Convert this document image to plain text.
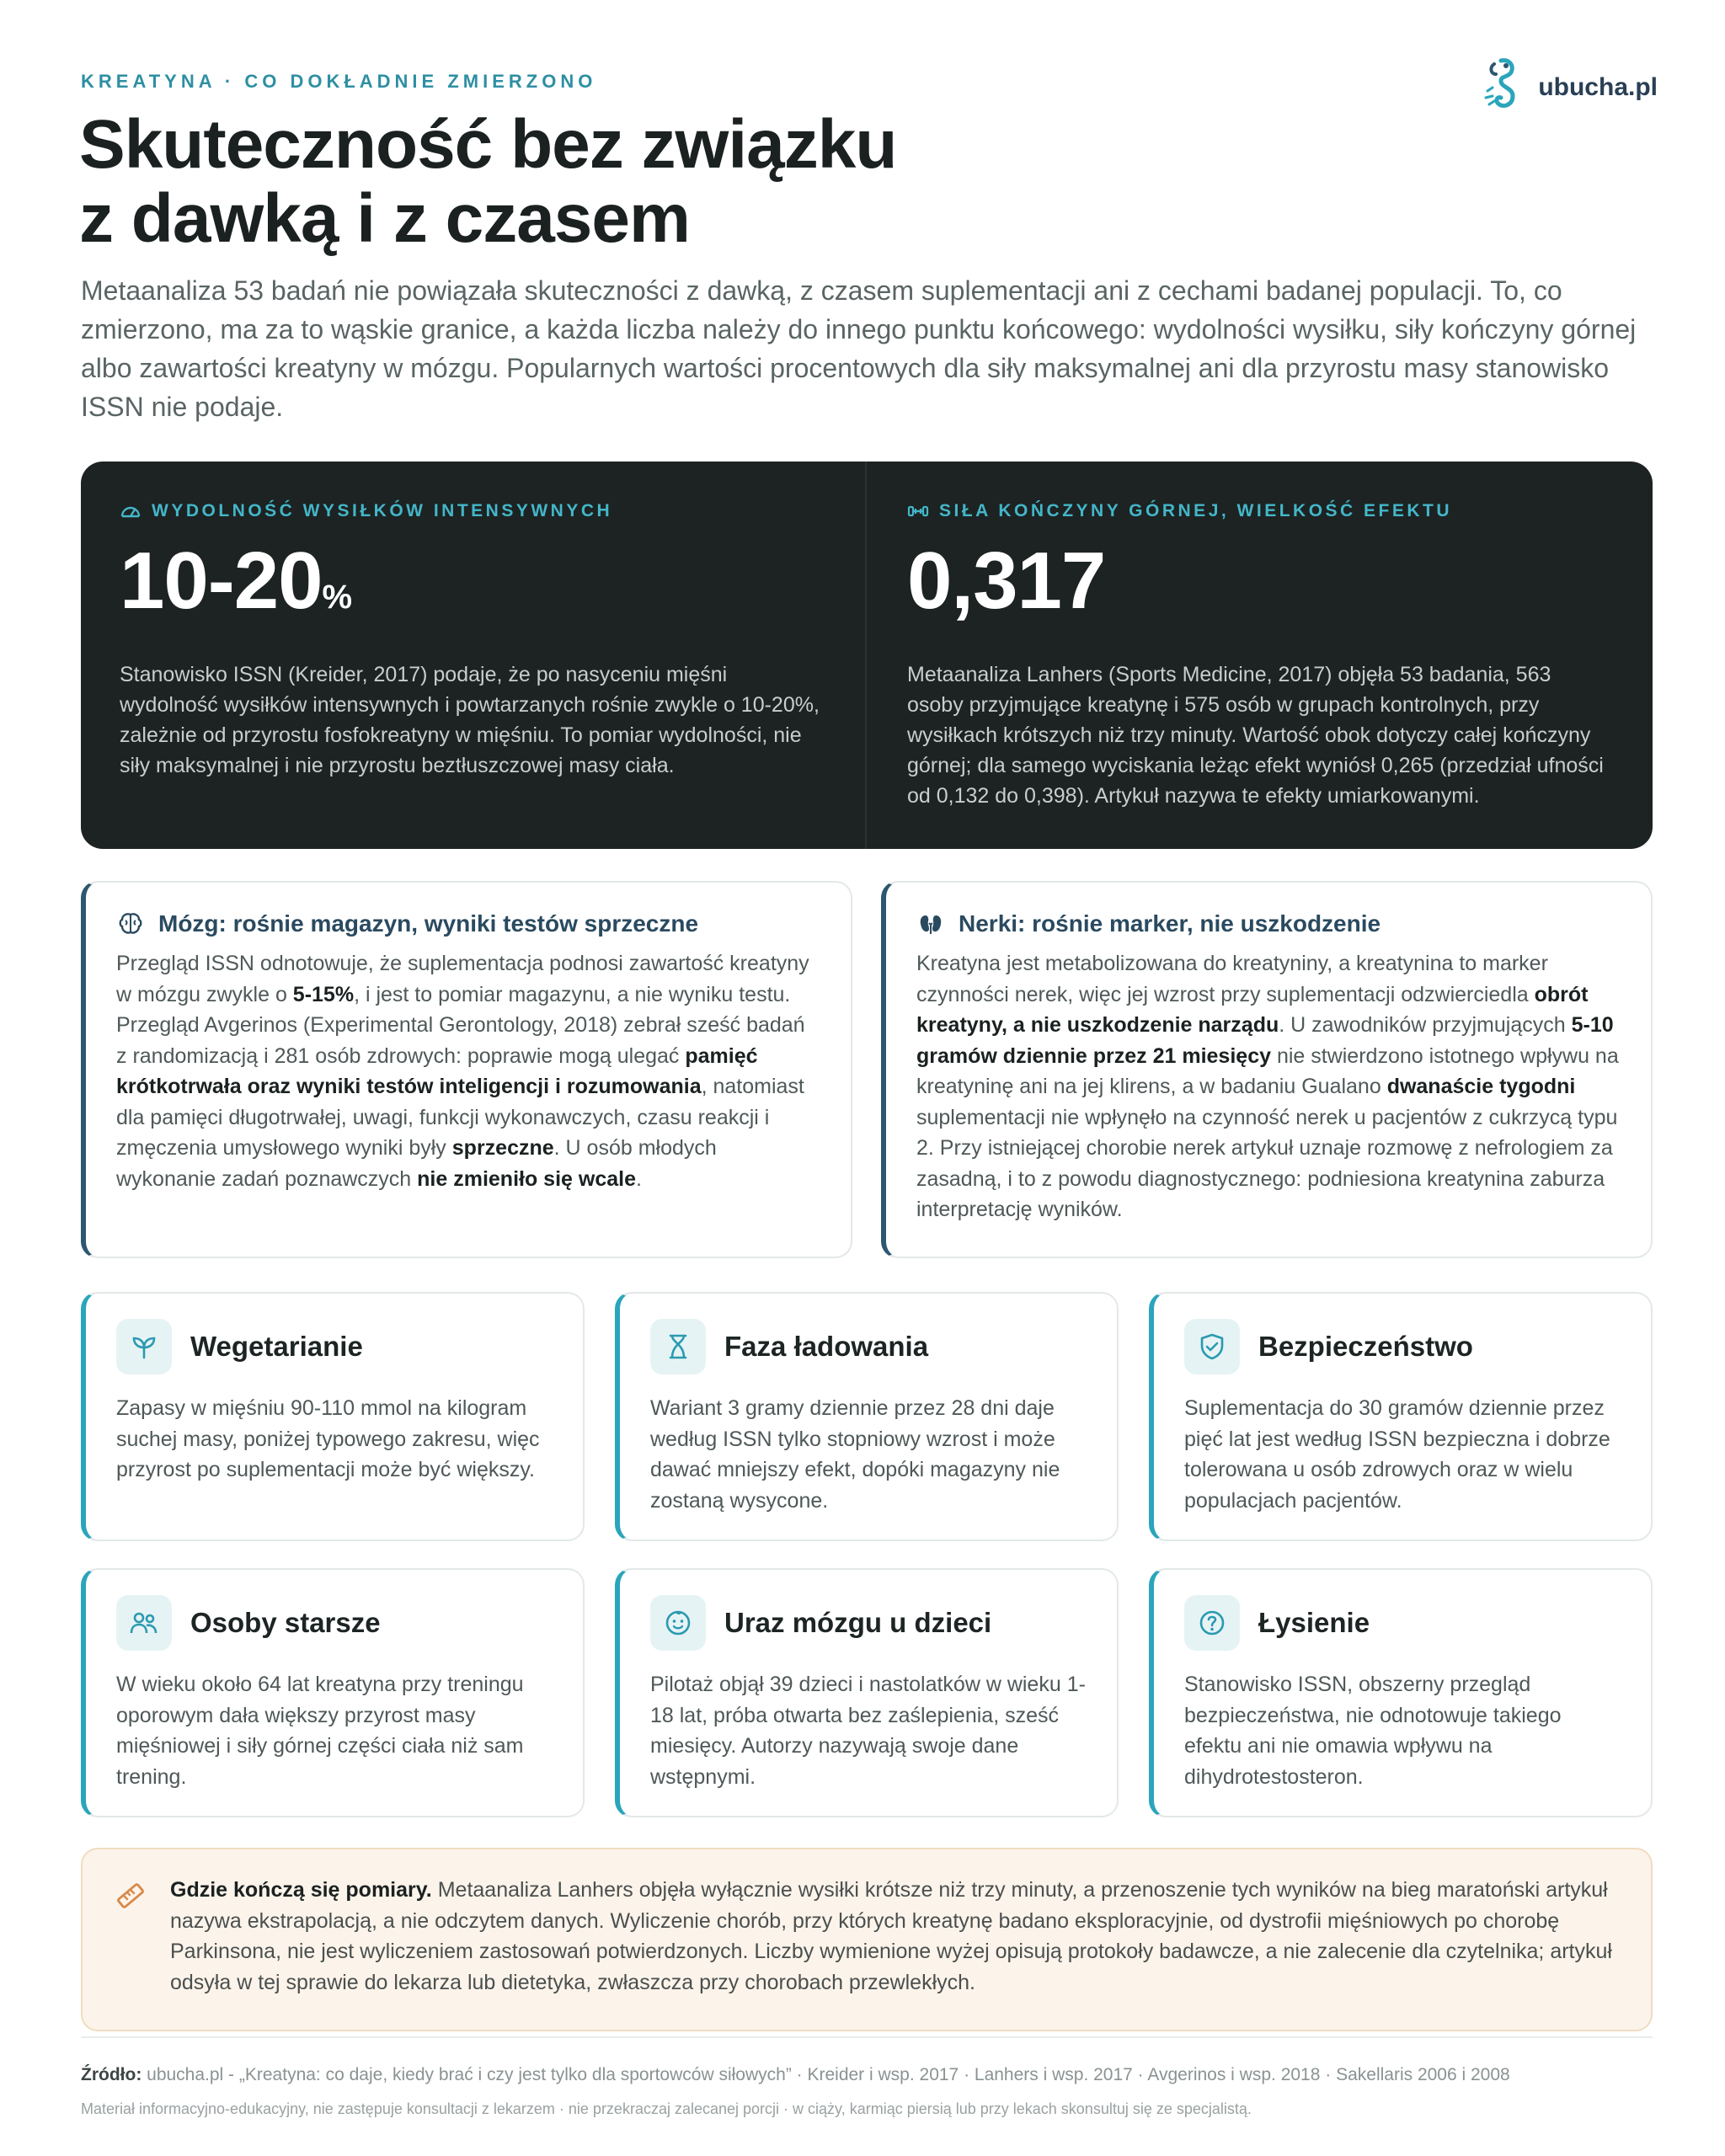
KREATYNA · CO DOKŁADNIE ZMIERZONO	ubucha.pl
Skuteczność bez związku
z dawką i z czasem

Metaanaliza 53 badań nie powiązała skuteczności z dawką, z czasem suplementacji ani z cechami badanej populacji. To, co zmierzono, ma za to wąskie granice, a każda liczba należy do innego punktu końcowego: wydolności wysiłku, siły kończyny górnej albo zawartości kreatyny w mózgu. Popularnych wartości procentowych dla siły maksymalnej ani dla przyrostu masy stanowisko ISSN nie podaje.

WYDOLNOŚĆ WYSIŁKÓW INTENSYWNYCH
10-20%

Stanowisko ISSN (Kreider, 2017) podaje, że po nasyceniu mięśni wydolność wysiłków intensywnych i powtarzanych rośnie zwykle o 10-20%, zależnie od przyrostu fosfokreatyny w mięśniu. To pomiar wydolności, nie siły maksymalnej i nie przyrostu beztłuszczowej masy ciała.

SIŁA KOŃCZYNY GÓRNEJ, WIELKOŚĆ EFEKTU
0,317

Metaanaliza Lanhers (Sports Medicine, 2017) objęła 53 badania, 563 osoby przyjmujące kreatynę i 575 osób w grupach kontrolnych, przy wysiłkach krótszych niż trzy minuty. Wartość obok dotyczy całej kończyny górnej; dla samego wyciskania leżąc efekt wyniósł 0,265 (przedział ufności od 0,132 do 0,398). Artykuł nazywa te efekty umiarkowanymi.

Mózg: rośnie magazyn, wyniki testów sprzeczne

Przegląd ISSN odnotowuje, że suplementacja podnosi zawartość kreatyny w mózgu zwykle o 5-15%, i jest to pomiar magazynu, a nie wyniku testu. Przegląd Avgerinos (Experimental Gerontology, 2018) zebrał sześć badań z randomizacją i 281 osób zdrowych: poprawie mogą ulegać pamięć krótkotrwała oraz wyniki testów inteligencji i rozumowania, natomiast dla pamięci długotrwałej, uwagi, funkcji wykonawczych, czasu reakcji i zmęczenia umysłowego wyniki były sprzeczne. U osób młodych wykonanie zadań poznawczych nie zmieniło się wcale.

Nerki: rośnie marker, nie uszkodzenie

Kreatyna jest metabolizowana do kreatyniny, a kreatynina to marker czynności nerek, więc jej wzrost przy suplementacji odzwierciedla obrót kreatyny, a nie uszkodzenie narządu. U zawodników przyjmujących 5-10 gramów dziennie przez 21 miesięcy nie stwierdzono istotnego wpływu na kreatyninę ani na jej klirens, a w badaniu Gualano dwanaście tygodni suplementacji nie wpłynęło na czynność nerek u pacjentów z cukrzycą typu 2. Przy istniejącej chorobie nerek artykuł uznaje rozmowę z nefrologiem za zasadną, i to z powodu diagnostycznego: podniesiona kreatynina zaburza interpretację wyników.

Wegetarianie

Zapasy w mięśniu 90-110 mmol na kilogram suchej masy, poniżej typowego zakresu, więc przyrost po suplementacji może być większy.

Faza ładowania

Wariant 3 gramy dziennie przez 28 dni daje według ISSN tylko stopniowy wzrost i może dawać mniejszy efekt, dopóki magazyny nie zostaną wysycone.

Bezpieczeństwo

Suplementacja do 30 gramów dziennie przez pięć lat jest według ISSN bezpieczna i dobrze tolerowana u osób zdrowych oraz w wielu populacjach pacjentów.

Osoby starsze

W wieku około 64 lat kreatyna przy treningu oporowym dała większy przyrost masy mięśniowej i siły górnej części ciała niż sam trening.

Uraz mózgu u dzieci

Pilotaż objął 39 dzieci i nastolatków w wieku 1-18 lat, próba otwarta bez zaślepienia, sześć miesięcy. Autorzy nazywają swoje dane wstępnymi.

Łysienie

Stanowisko ISSN, obszerny przegląd bezpieczeństwa, nie odnotowuje takiego efektu ani nie omawia wpływu na dihydrotestosteron.

Gdzie kończą się pomiary. Metaanaliza Lanhers objęła wyłącznie wysiłki krótsze niż trzy minuty, a przenoszenie tych wyników na bieg maratoński artykuł nazywa ekstrapolacją, a nie odczytem danych. Wyliczenie chorób, przy których kreatynę badano eksploracyjnie, od dystrofii mięśniowych po chorobę Parkinsona, nie jest wyliczeniem zastosowań potwierdzonych. Liczby wymienione wyżej opisują protokoły badawcze, a nie zalecenie dla czytelnika; artykuł odsyła w tej sprawie do lekarza lub dietetyka, zwłaszcza przy chorobach przewlekłych.

Źródło: ubucha.pl - „Kreatyna: co daje, kiedy brać i czy jest tylko dla sportowców siłowych” · Kreider i wsp. 2017 · Lanhers i wsp. 2017 · Avgerinos i wsp. 2018 · Sakellaris 2006 i 2008

Materiał informacyjno-edukacyjny, nie zastępuje konsultacji z lekarzem · nie przekraczaj zalecanej porcji · w ciąży, karmiąc piersią lub przy lekach skonsultuj się ze specjalistą.
